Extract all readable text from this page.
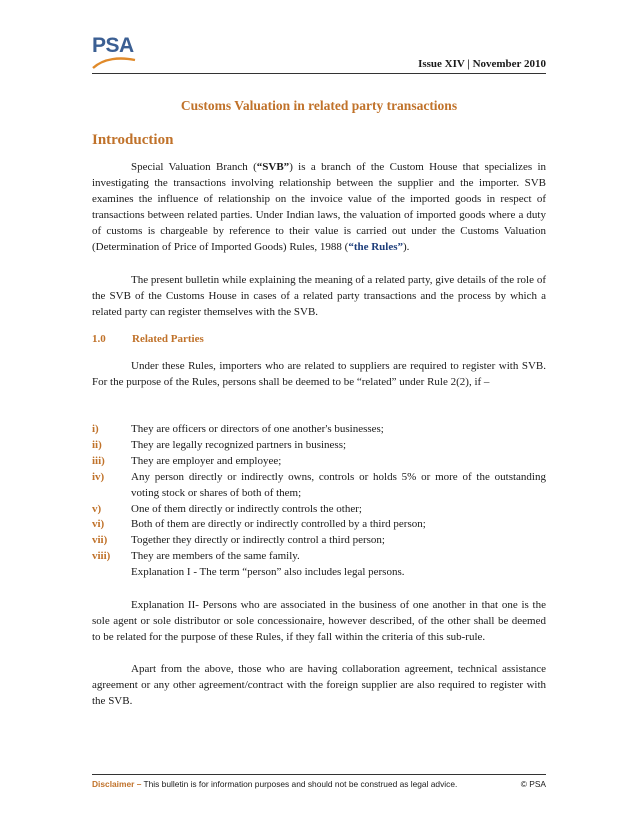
PSA
Issue XIV | November 2010
Customs Valuation in related party transactions
Introduction

Special Valuation Branch (“SVB”) is a branch of the Custom House that specializes in investigating the transactions involving relationship between the supplier and the importer. SVB examines the influence of relationship on the invoice value of the imported goods in respect of transactions between related parties. Under Indian laws, the valuation of imported goods where a duty of customs is chargeable by reference to their value is carried out under the Customs Valuation (Determination of Price of Imported Goods) Rules, 1988 (“the Rules”).

The present bulletin while explaining the meaning of a related party, give details of the role of the SVB of the Customs House in cases of a related party transactions and the process by which a related party can register themselves with the SVB.

1.0 Related Parties

Under these Rules, importers who are related to suppliers are required to register with SVB. For the purpose of the Rules, persons shall be deemed to be “related” under Rule 2(2), if –

i)	They are officers or directors of one another's businesses;
ii)	They are legally recognized partners in business;
iii)	They are employer and employee;
iv)	Any person directly or indirectly owns, controls or holds 5% or more of the outstanding voting stock or shares of both of them;
v)	One of them directly or indirectly controls the other;
vi)	Both of them are directly or indirectly controlled by a third person;
vii)	Together they directly or indirectly control a third person;
viii)	They are members of the same family.

Explanation I - The term “person” also includes legal persons.

Explanation II- Persons who are associated in the business of one another in that one is the sole agent or sole distributor or sole concessionaire, however described, of the other shall be deemed to be related for the purpose of these Rules, if they fall within the criteria of this sub-rule.

Apart from the above, those who are having collaboration agreement, technical assistance agreement or any other agreement/contract with the foreign supplier are also required to register with the SVB.

Disclaimer – This bulletin is for information purposes and should not be construed as legal advice.	© PSA
